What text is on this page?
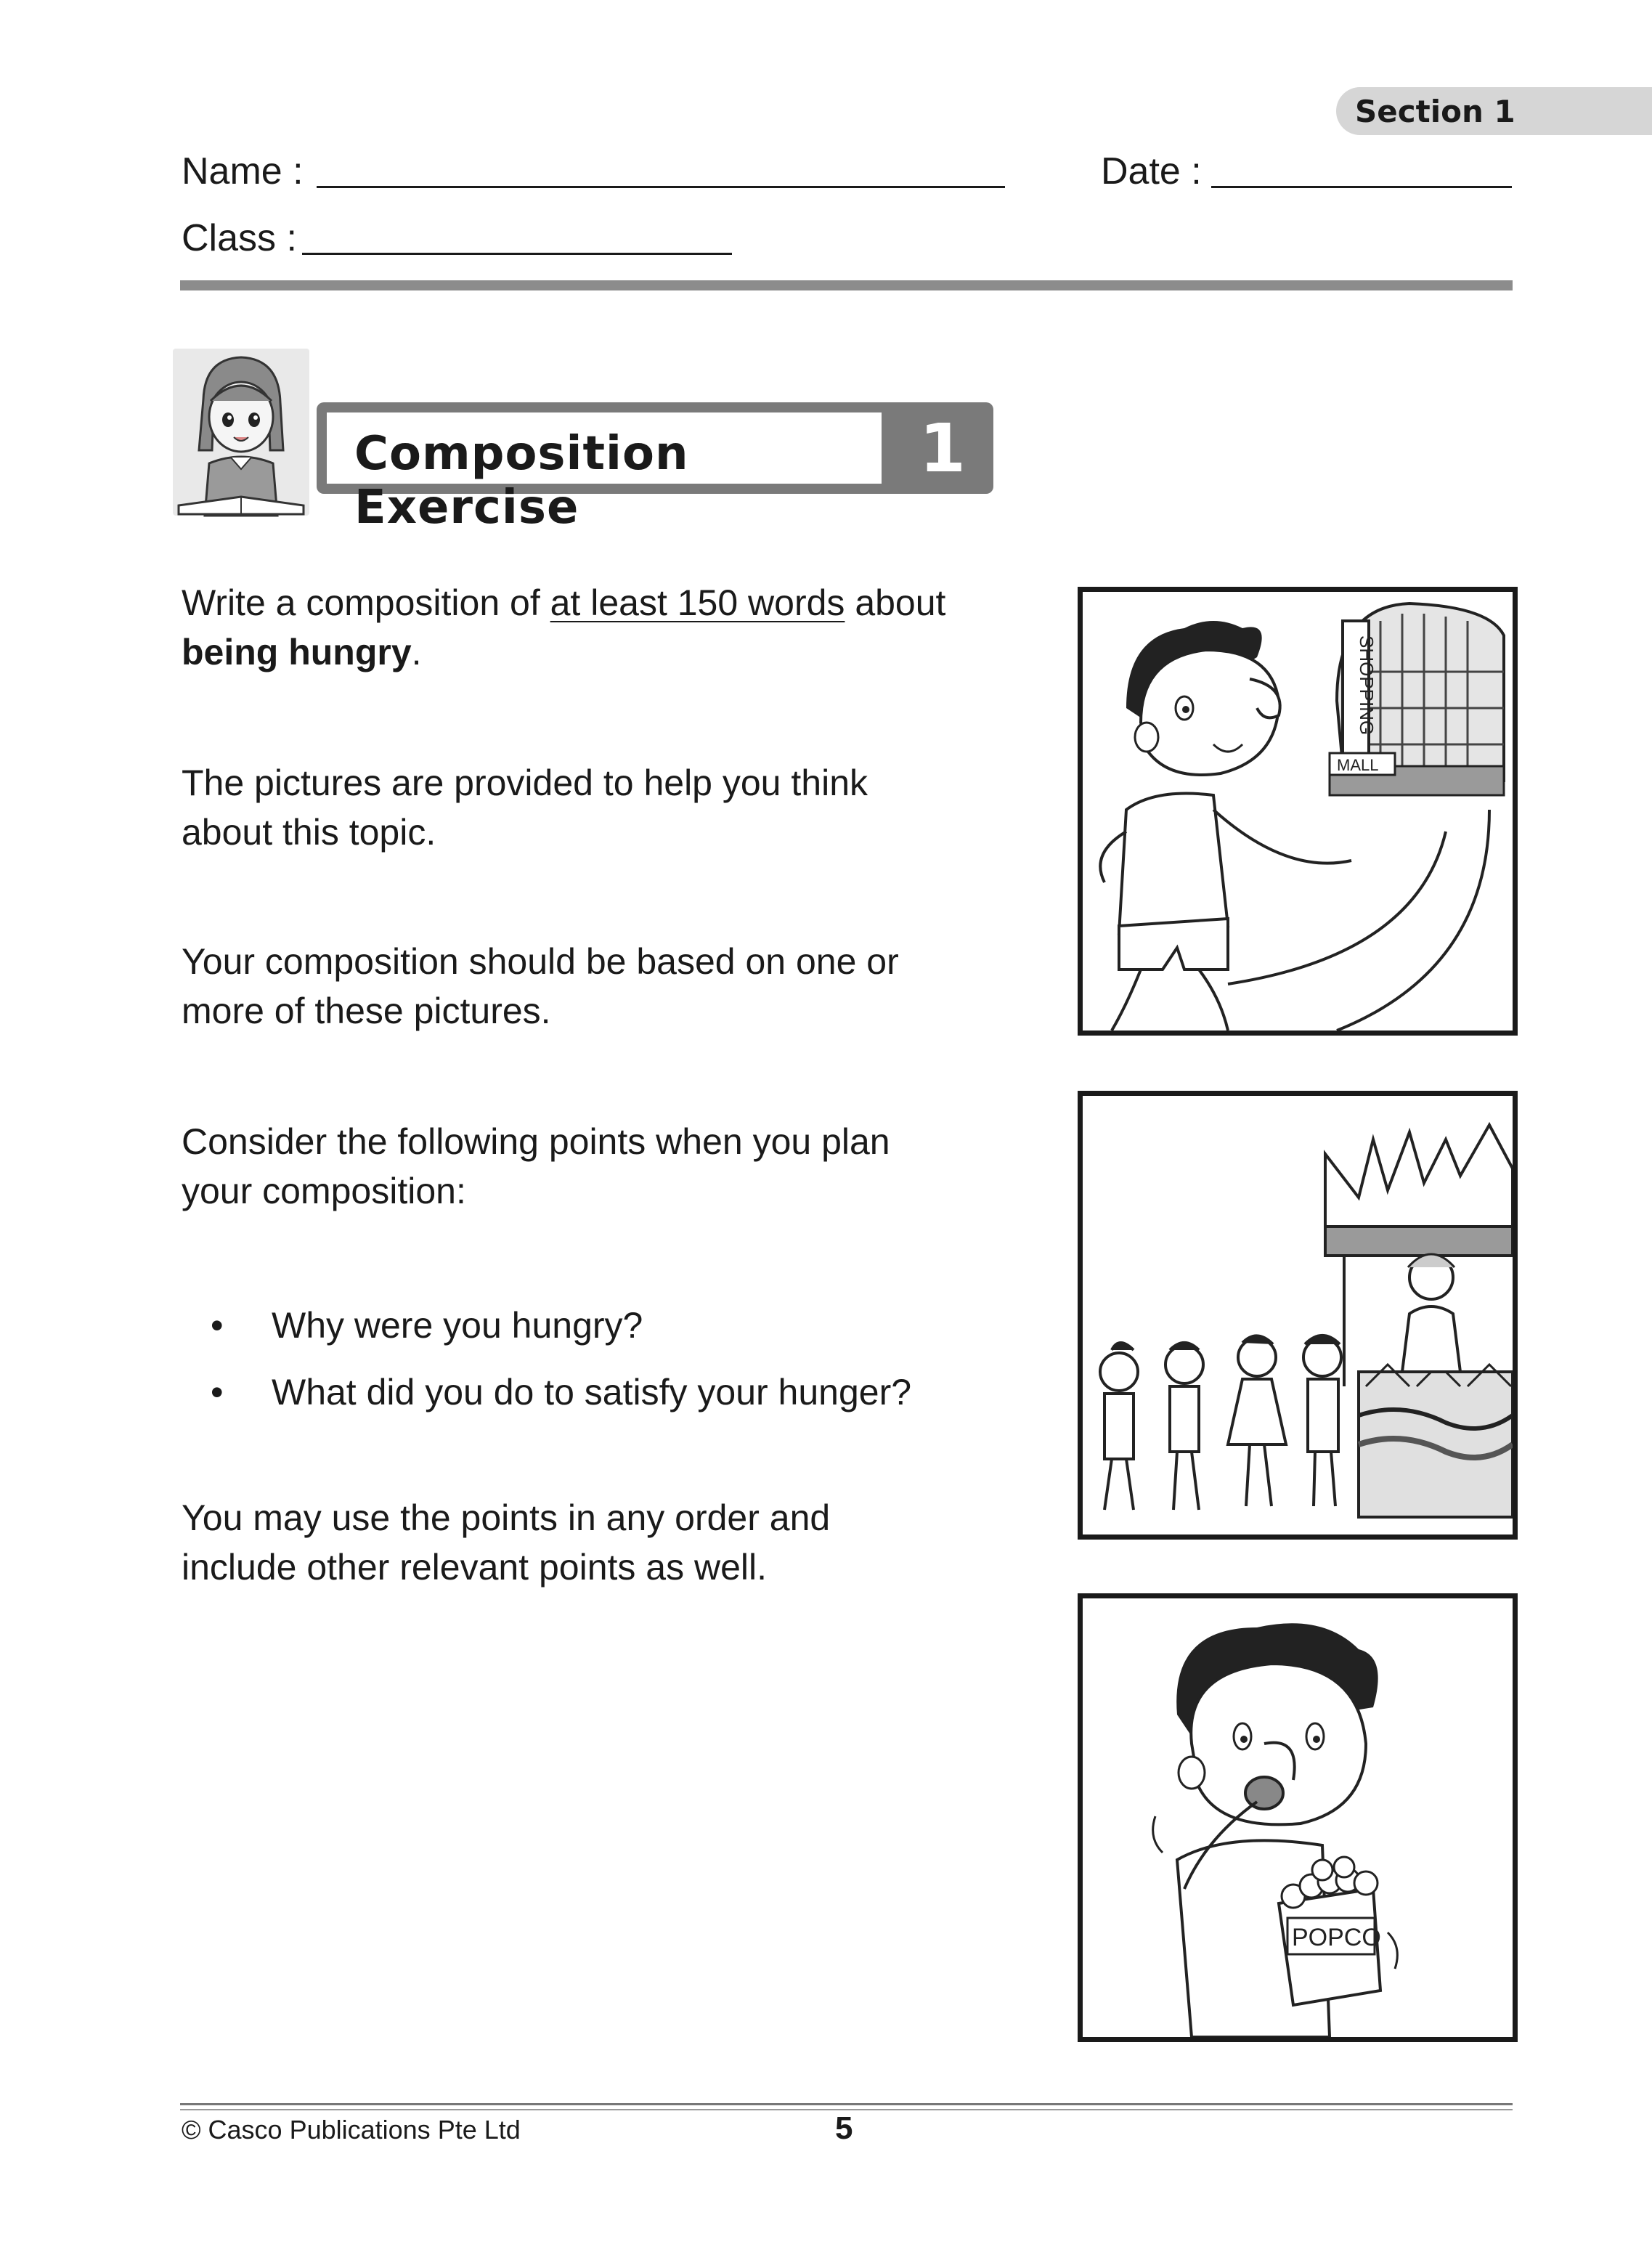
Section 1
Name :	Date :
Class :
Composition Exercise
1
Write a composition of at least 150 words about
being hungry.
The pictures are provided to help you think about this topic.
Your composition should be based on one or more of these pictures.
Consider the following points when you plan your composition:
• Why were you hungry?
• What did you do to satisfy your hunger?
You may use the points in any order and include other relevant points as well.
SHOPPING
MALL
POPCO
© Casco Publications Pte Ltd	5
